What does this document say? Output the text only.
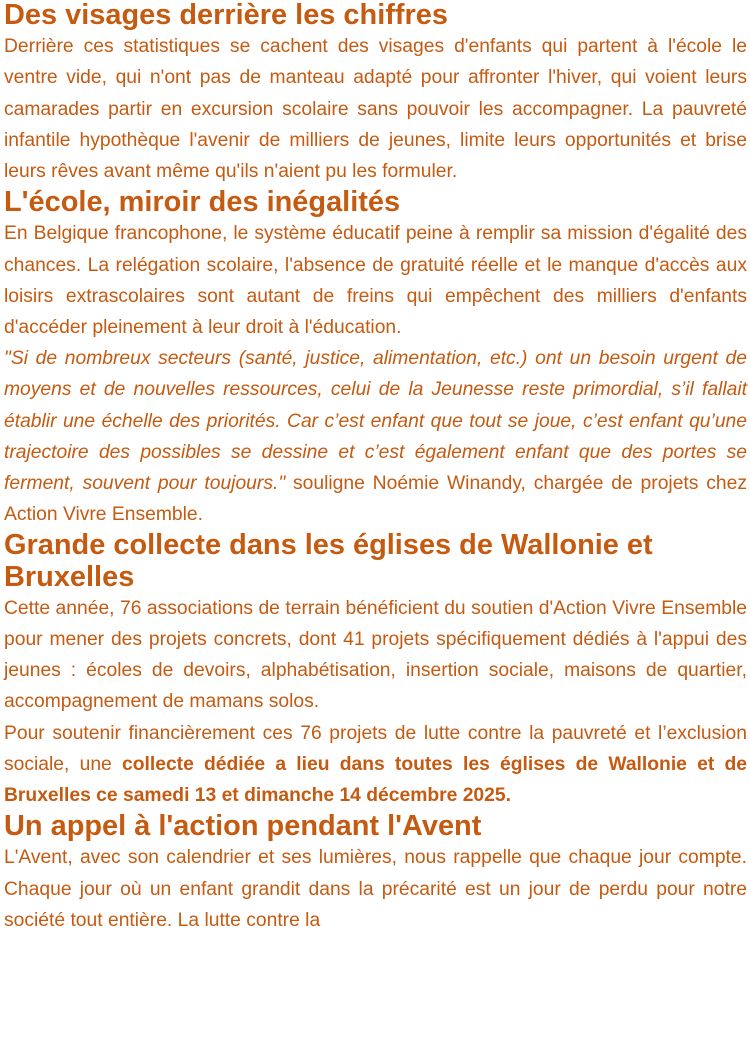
Des visages derrière les chiffres

Derrière ces statistiques se cachent des visages d'enfants qui partent à l'école le ventre vide, qui n'ont pas de manteau adapté pour affronter l'hiver, qui voient leurs camarades partir en excursion scolaire sans pouvoir les accompagner. La pauvreté infantile hypothèque l'avenir de milliers de jeunes, limite leurs opportunités et brise leurs rêves avant même qu'ils n'aient pu les formuler.

L'école, miroir des inégalités

En Belgique francophone, le système éducatif peine à remplir sa mission d'égalité des chances. La relégation scolaire, l'absence de gratuité réelle et le manque d'accès aux loisirs extrascolaires sont autant de freins qui empêchent des milliers d'enfants d'accéder pleinement à leur droit à l'éducation.

"Si de nombreux secteurs (santé, justice, alimentation, etc.) ont un besoin urgent de moyens et de nouvelles ressources, celui de la Jeunesse reste primordial, s’il fallait établir une échelle des priorités. Car c’est enfant que tout se joue, c’est enfant qu’une trajectoire des possibles se dessine et c’est également enfant que des portes se ferment, souvent pour toujours." souligne Noémie Winandy, chargée de projets chez Action Vivre Ensemble.

Grande collecte dans les églises de Wallonie et Bruxelles

Cette année, 76 associations de terrain bénéficient du soutien d'Action Vivre Ensemble pour mener des projets concrets, dont 41 projets spécifiquement dédiés à l'appui des jeunes : écoles de devoirs, alphabétisation, insertion sociale, maisons de quartier, accompagnement de mamans solos.

Pour soutenir financièrement ces 76 projets de lutte contre la pauvreté et l’exclusion sociale, une collecte dédiée a lieu dans toutes les églises de Wallonie et de Bruxelles ce samedi 13 et dimanche 14 décembre 2025.

Un appel à l'action pendant l'Avent

L'Avent, avec son calendrier et ses lumières, nous rappelle que chaque jour compte. Chaque jour où un enfant grandit dans la précarité est un jour de perdu pour notre société tout entière. La lutte contre la
